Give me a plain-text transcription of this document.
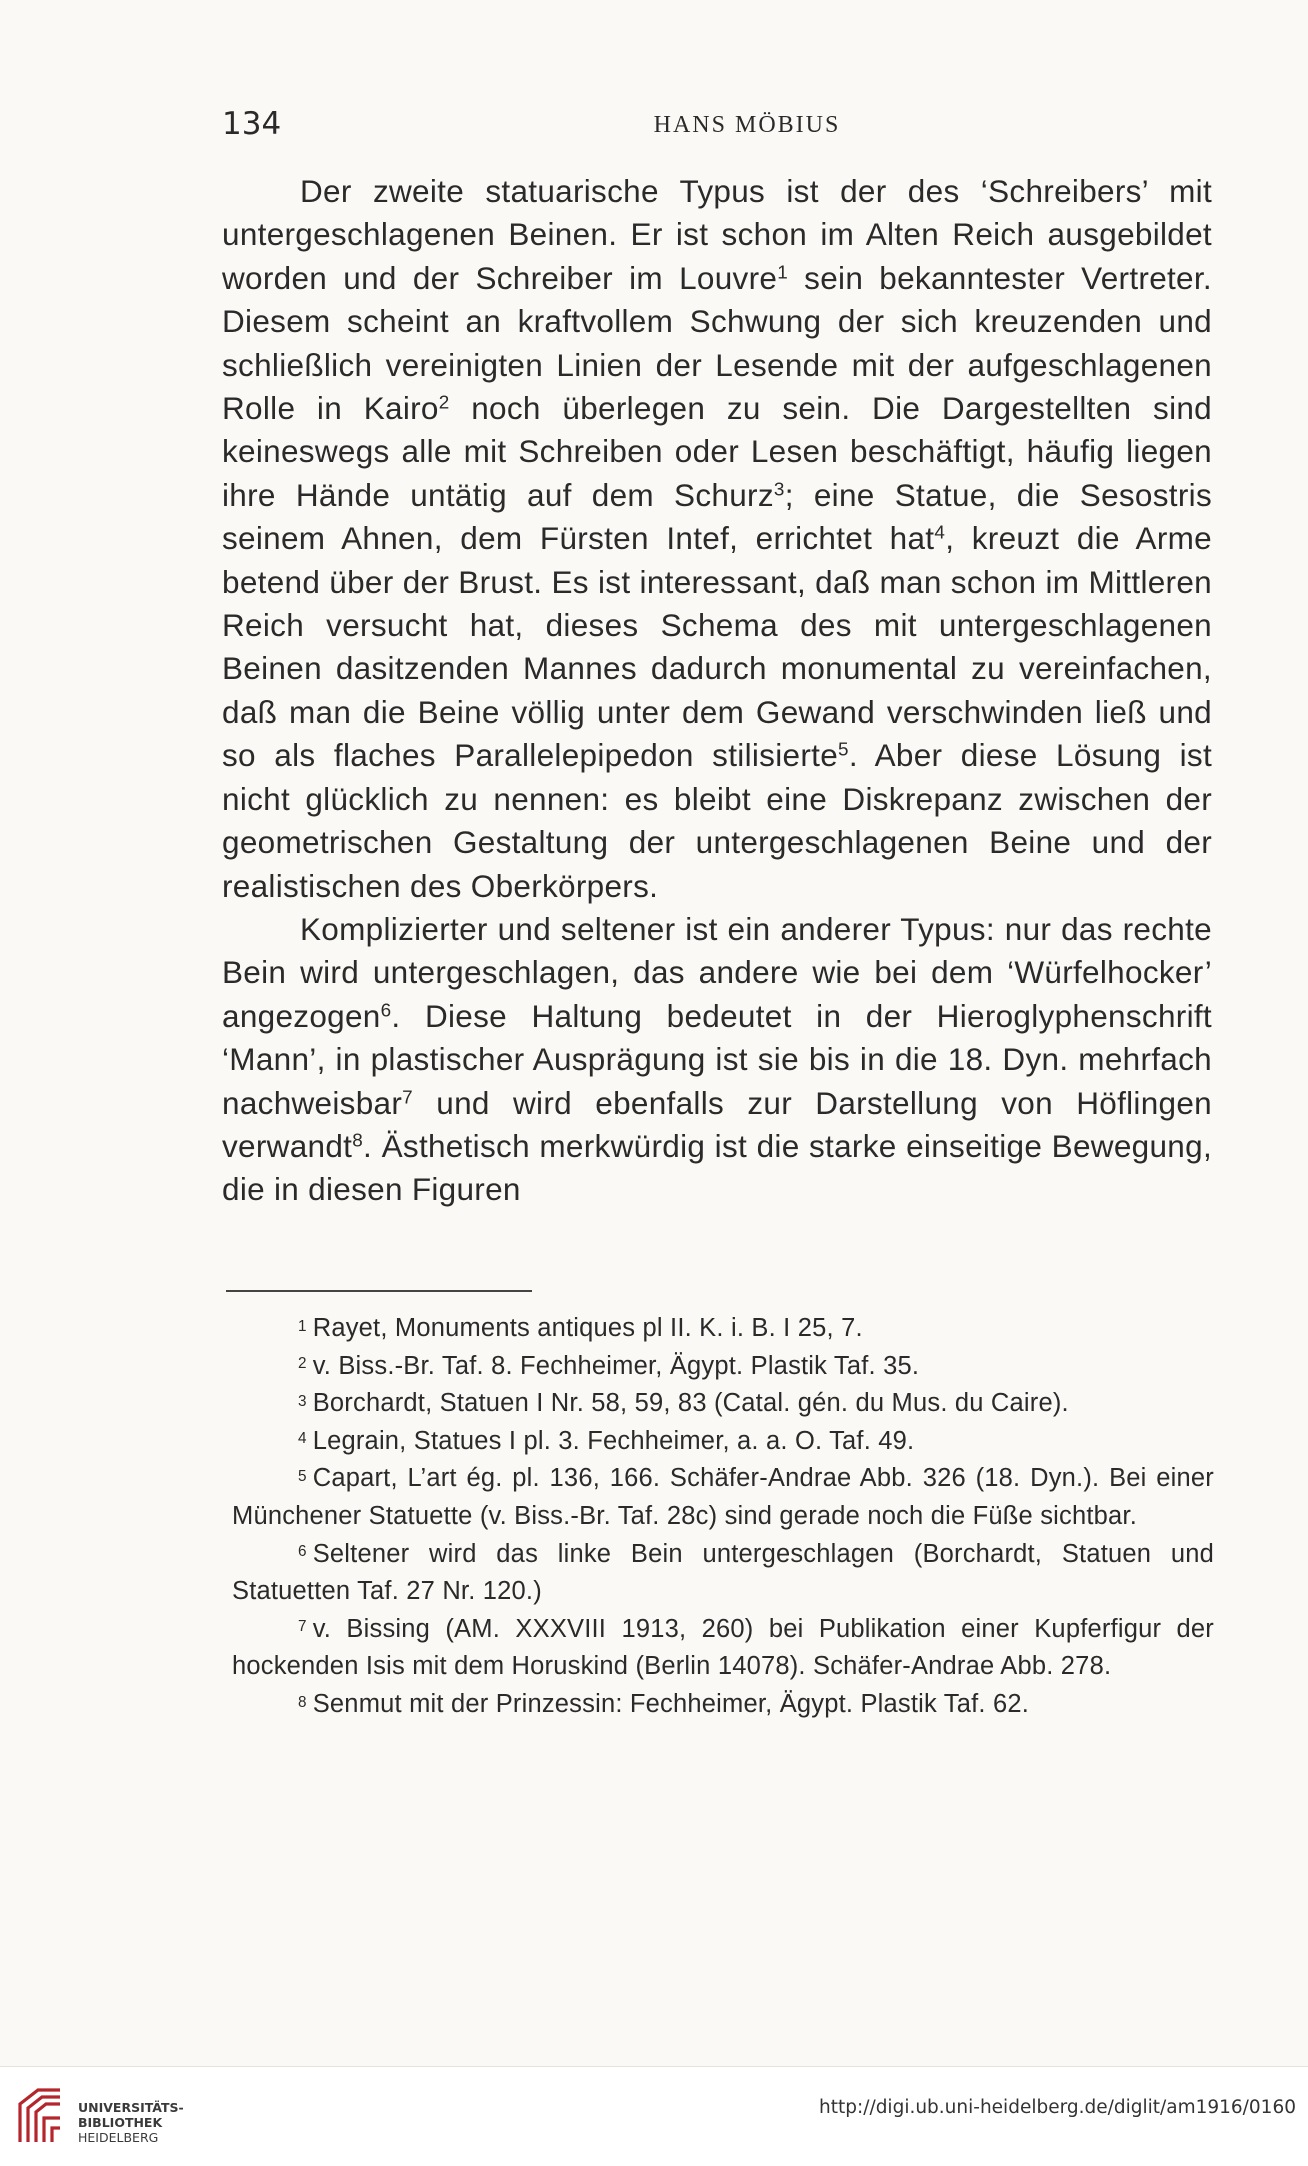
134	HANS MÖBIUS

Der zweite statuarische Typus ist der des ‘Schreibers’ mit untergeschlagenen Beinen. Er ist schon im Alten Reich ausgebildet worden und der Schreiber im Louvre$^1$ sein bekanntester Vertreter. Diesem scheint an kraftvollem Schwung der sich kreuzenden und schließlich vereinigten Linien der Lesende mit der aufgeschlagenen Rolle in Kairo$^2$ noch überlegen zu sein. Die Dargestellten sind keineswegs alle mit Schreiben oder Lesen beschäftigt, häufig liegen ihre Hände untätig auf dem Schurz$^3$; eine Statue, die Sesostris seinem Ahnen, dem Fürsten Intef, errichtet hat$^4$, kreuzt die Arme betend über der Brust. Es ist interessant, daß man schon im Mittleren Reich versucht hat, dieses Schema des mit untergeschlagenen Beinen dasitzenden Mannes dadurch monumental zu vereinfachen, daß man die Beine völlig unter dem Gewand verschwinden ließ und so als flaches Parallelepipedon stilisierte$^5$. Aber diese Lösung ist nicht glücklich zu nennen: es bleibt eine Diskrepanz zwischen der geometrischen Gestaltung der untergeschlagenen Beine und der realistischen des Oberkörpers.

Komplizierter und seltener ist ein anderer Typus: nur das rechte Bein wird untergeschlagen, das andere wie bei dem ‘Würfelhocker’ angezogen$^6$. Diese Haltung bedeutet in der Hieroglyphenschrift ‘Mann’, in plastischer Ausprägung ist sie bis in die 18. Dyn. mehrfach nachweisbar$^7$ und wird ebenfalls zur Darstellung von Höflingen verwandt$^8$. Ästhetisch merkwürdig ist die starke einseitige Bewegung, die in diesen Figuren

$^1$ Rayet, Monuments antiques pl II. K. i. B. I 25, 7.

$^2$ v. Biss.-Br. Taf. 8. Fechheimer, Ägypt. Plastik Taf. 35.

$^3$ Borchardt, Statuen I Nr. 58, 59, 83 (Catal. gén. du Mus. du Caire).

$^4$ Legrain, Statues I pl. 3. Fechheimer, a. a. O. Taf. 49.

$^5$ Capart, L’art ég. pl. 136, 166. Schäfer-Andrae Abb. 326 (18. Dyn.). Bei einer Münchener Statuette (v. Biss.-Br. Taf. 28c) sind gerade noch die Füße sichtbar.

$^6$ Seltener wird das linke Bein untergeschlagen (Borchardt, Statuen und Statuetten Taf. 27 Nr. 120.)

$^7$ v. Bissing (AM. XXXVIII 1913, 260) bei Publikation einer Kupferfigur der hockenden Isis mit dem Horuskind (Berlin 14078). Schäfer-Andrae Abb. 278.

$^8$ Senmut mit der Prinzessin: Fechheimer, Ägypt. Plastik Taf. 62.

UNIVERSITÄTS-
BIBLIOTHEK
HEIDELBERG
http://digi.ub.uni-heidelberg.de/diglit/am1916/0160
